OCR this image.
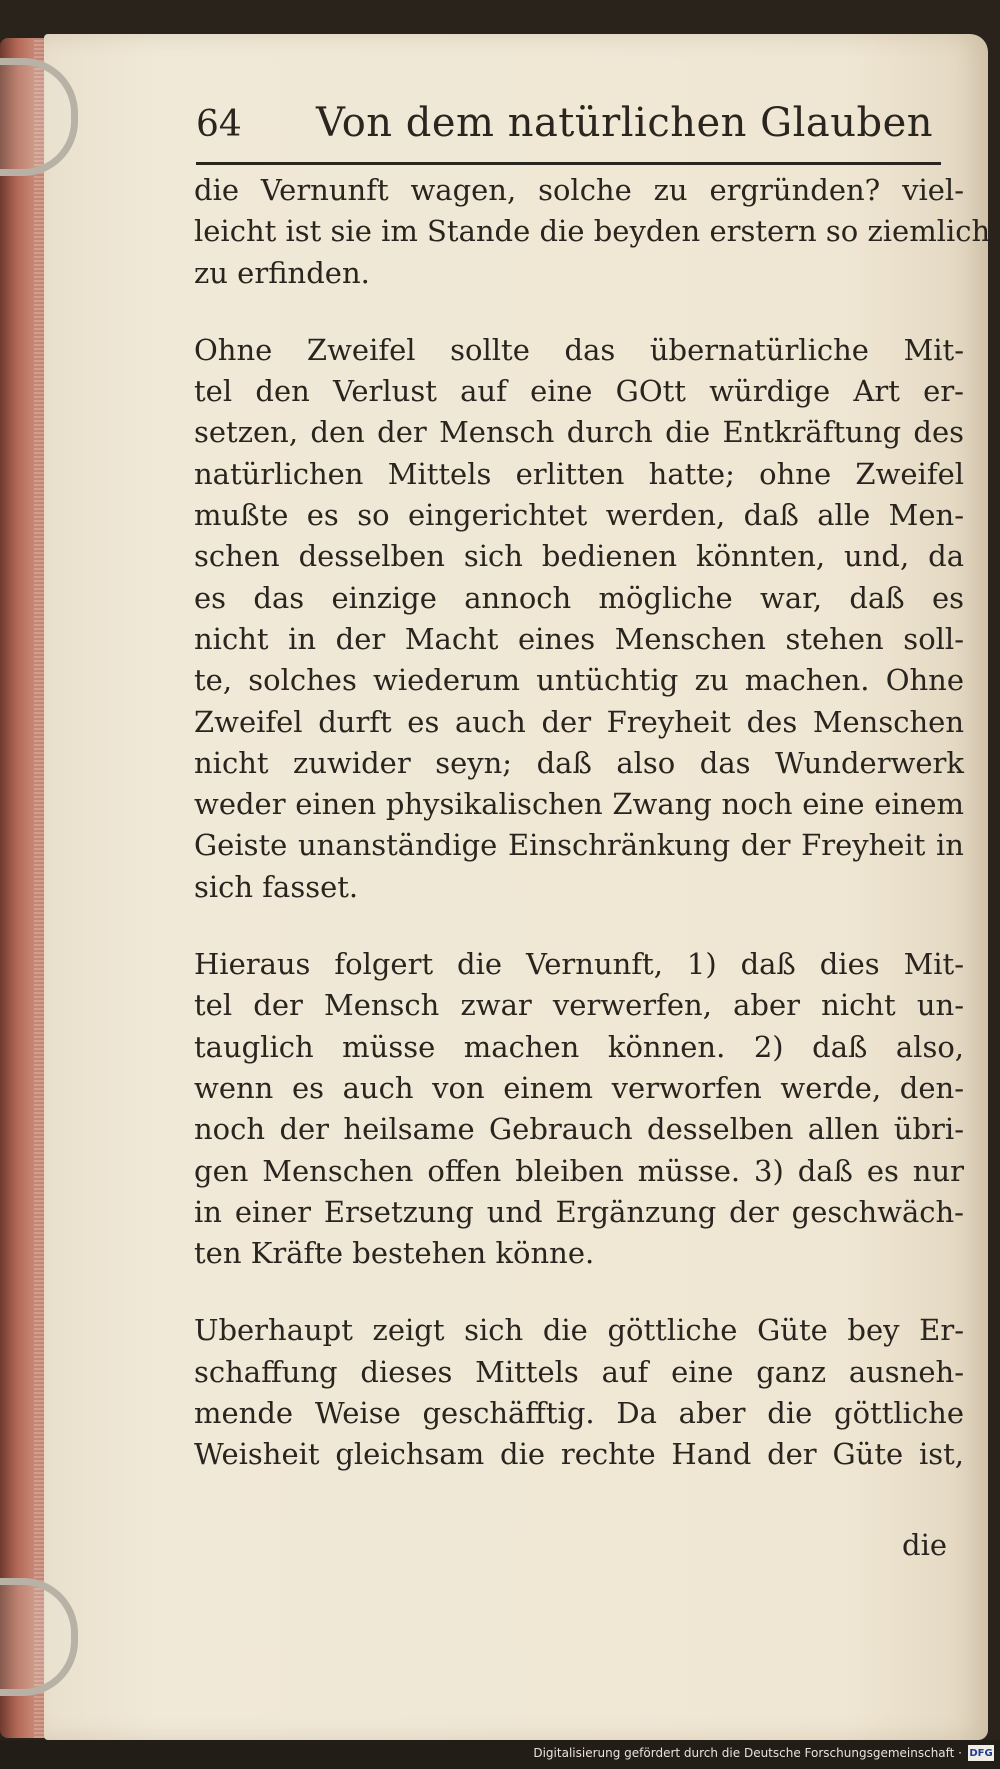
64	Von dem natürlichen Glauben

die Vernunft wagen, solche zu ergründen? viel-
leicht ist sie im Stande die beyden erstern so ziemlich
zu erfinden.

Ohne Zweifel sollte das übernatürliche Mit-
tel den Verlust auf eine GOtt würdige Art er-
setzen, den der Mensch durch die Entkräftung des
natürlichen Mittels erlitten hatte; ohne Zweifel
mußte es so eingerichtet werden, daß alle Men-
schen desselben sich bedienen könnten, und, da
es das einzige annoch mögliche war, daß es
nicht in der Macht eines Menschen stehen soll-
te, solches wiederum untüchtig zu machen. Ohne
Zweifel durft es auch der Freyheit des Menschen
nicht zuwider seyn; daß also das Wunderwerk
weder einen physikalischen Zwang noch eine einem
Geiste unanständige Einschränkung der Freyheit in
sich fasset.

Hieraus folgert die Vernunft, 1) daß dies Mit-
tel der Mensch zwar verwerfen, aber nicht un-
tauglich müsse machen können. 2) daß also,
wenn es auch von einem verworfen werde, den-
noch der heilsame Gebrauch desselben allen übri-
gen Menschen offen bleiben müsse. 3) daß es nur
in einer Ersetzung und Ergänzung der geschwäch-
ten Kräfte bestehen könne.

Uberhaupt zeigt sich die göttliche Güte bey Er-
schaffung dieses Mittels auf eine ganz ausneh-
mende Weise geschäfftig. Da aber die göttliche
Weisheit gleichsam die rechte Hand der Güte ist,

die
Digitalisierung gefördert durch die Deutsche Forschungsgemeinschaft · DFG
